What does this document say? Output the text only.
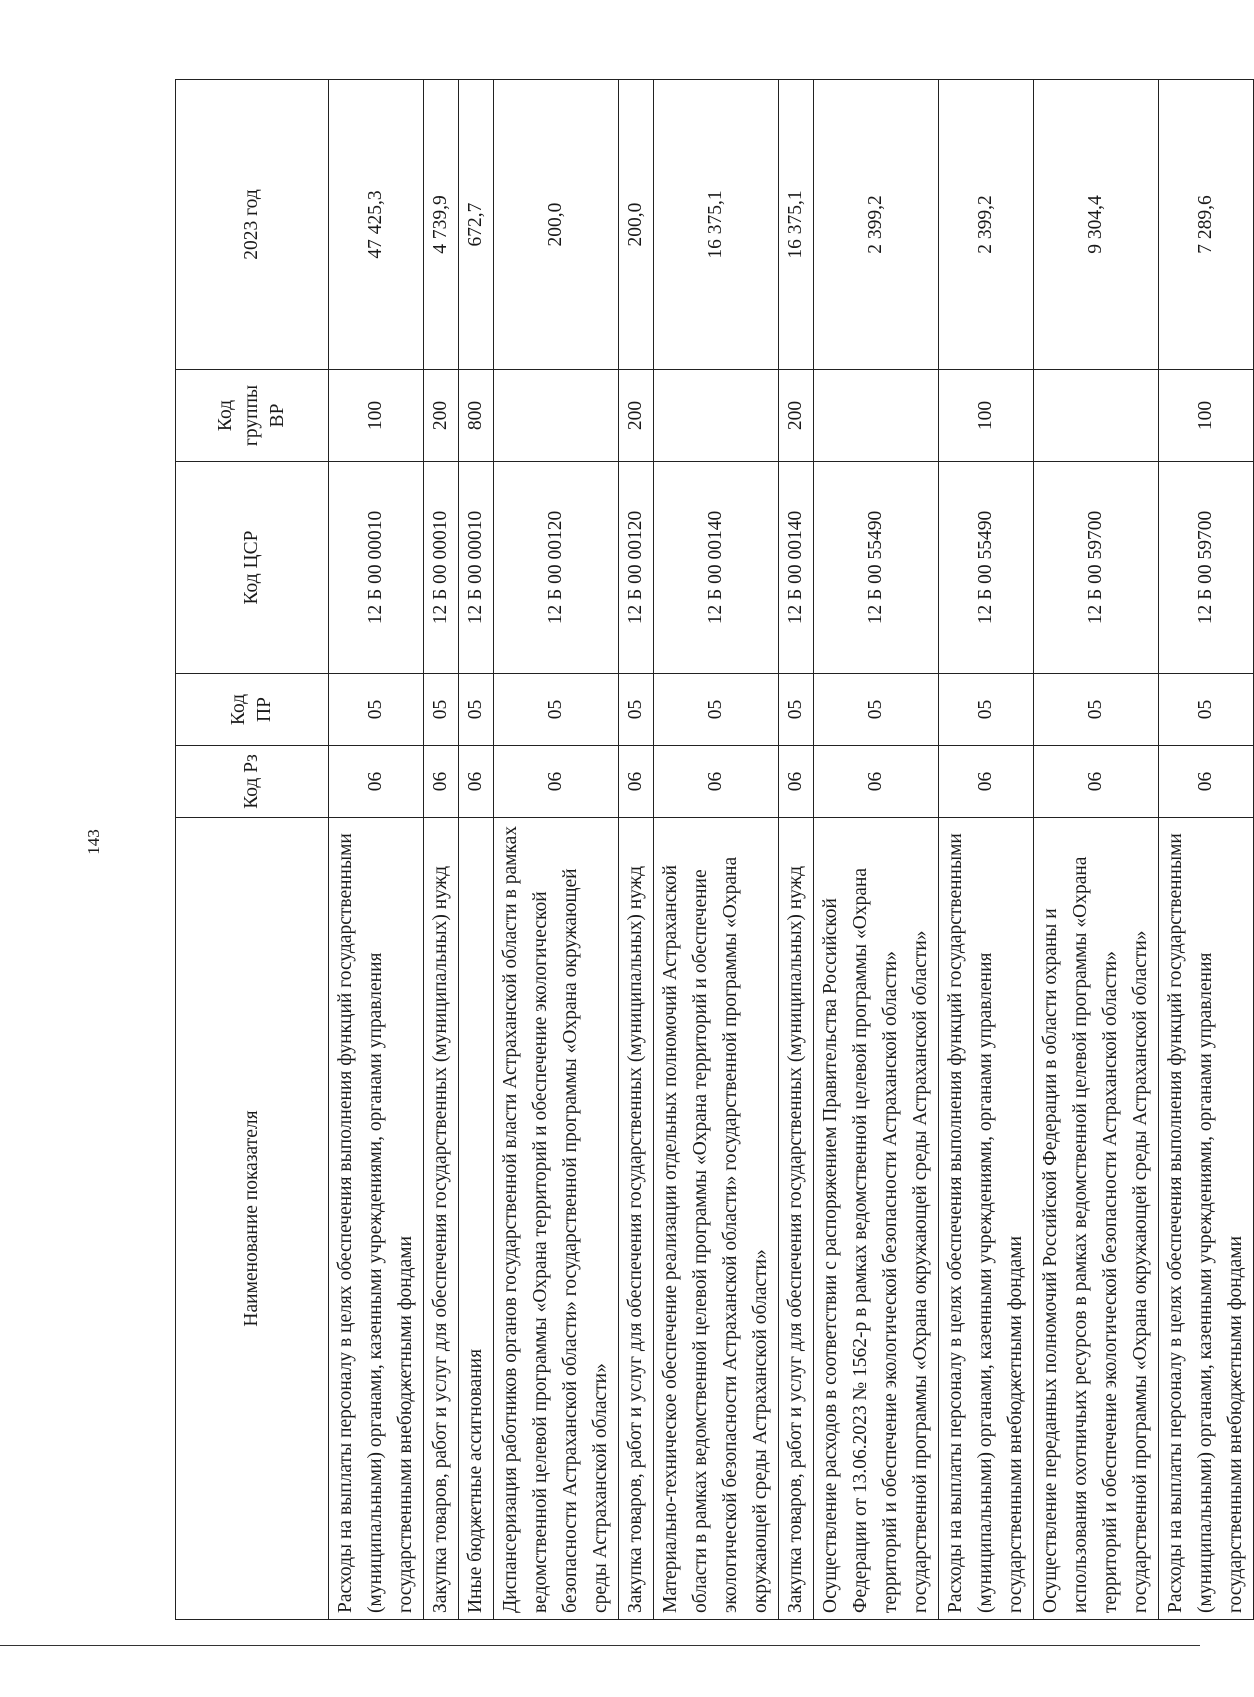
143
Наименование показателя	Код Рз	Код ПР	Код ЦСР	Код группы ВР	2023 год
Расходы на выплаты персоналу в целях обеспечения выполнения функций государственными (муниципальными) органами, казенными учреждениями, органами управления государственными внебюджетными фондами	06	05	12 Б 00 00010	100	47 425,3
Закупка товаров, работ и услуг для обеспечения государственных (муниципальных) нужд	06	05	12 Б 00 00010	200	4 739,9
Иные бюджетные ассигнования	06	05	12 Б 00 00010	800	672,7
Диспансеризация работников органов государственной власти Астраханской области в рамках ведомственной целевой программы «Охрана территорий и обеспечение экологической безопасности Астраханской области» государственной программы «Охрана окружающей среды Астраханской области»	06	05	12 Б 00 00120		200,0
Закупка товаров, работ и услуг для обеспечения государственных (муниципальных) нужд	06	05	12 Б 00 00120	200	200,0
Материально-техническое обеспечение реализации отдельных полномочий Астраханской области в рамках ведомственной целевой программы «Охрана территорий и обеспечение экологической безопасности Астраханской области» государственной программы «Охрана окружающей среды Астраханской области»	06	05	12 Б 00 00140		16 375,1
Закупка товаров, работ и услуг для обеспечения государственных (муниципальных) нужд	06	05	12 Б 00 00140	200	16 375,1
Осуществление расходов в соответствии с распоряжением Правительства Российской Федерации от 13.06.2023 № 1562-р в рамках ведомственной целевой программы «Охрана территорий и обеспечение экологической безопасности Астраханской области» государственной программы «Охрана окружающей среды Астраханской области»	06	05	12 Б 00 55490		2 399,2
Расходы на выплаты персоналу в целях обеспечения выполнения функций государственными (муниципальными) органами, казенными учреждениями, органами управления государственными внебюджетными фондами	06	05	12 Б 00 55490	100	2 399,2
Осуществление переданных полномочий Российской Федерации в области охраны и использования охотничьих ресурсов в рамках ведомственной целевой программы «Охрана территорий и обеспечение экологической безопасности Астраханской области» государственной программы «Охрана окружающей среды Астраханской области»	06	05	12 Б 00 59700		9 304,4
Расходы на выплаты персоналу в целях обеспечения выполнения функций государственными (муниципальными) органами, казенными учреждениями, органами управления государственными внебюджетными фондами	06	05	12 Б 00 59700	100	7 289,6
